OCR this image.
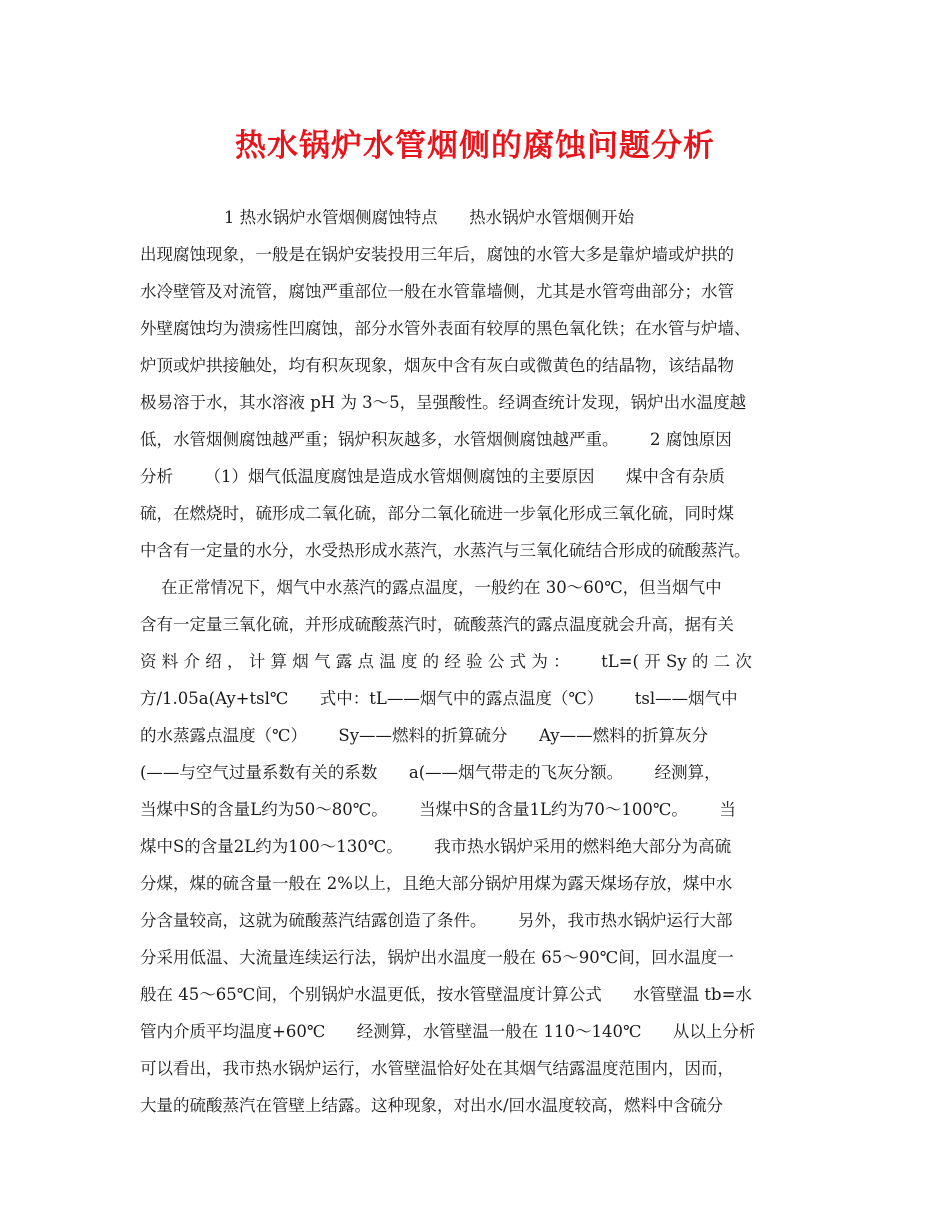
热水锅炉水管烟侧的腐蚀问题分析
1 热水锅炉水管烟侧腐蚀特点      热水锅炉水管烟侧开始
出现腐蚀现象，一般是在锅炉安装投用三年后，腐蚀的水管大多是靠炉墙或炉拱的
水冷壁管及对流管，腐蚀严重部位一般在水管靠墙侧，尤其是水管弯曲部分；水管
外壁腐蚀均为溃疡性凹腐蚀，部分水管外表面有较厚的黑色氧化铁；在水管与炉墙、
炉顶或炉拱接触处，均有积灰现象，烟灰中含有灰白或微黄色的结晶物，该结晶物
极易溶于水，其水溶液 pH 为 3～5，呈强酸性。经调查统计发现，锅炉出水温度越
低，水管烟侧腐蚀越严重；锅炉积灰越多，水管烟侧腐蚀越严重。      2 腐蚀原因
分析      （1）烟气低温度腐蚀是造成水管烟侧腐蚀的主要原因      煤中含有杂质
硫，在燃烧时，硫形成二氧化硫，部分二氧化硫进一步氧化形成三氧化硫，同时煤
中含有一定量的水分，水受热形成水蒸汽，水蒸汽与三氧化硫结合形成的硫酸蒸汽。
在正常情况下，烟气中水蒸汽的露点温度，一般约在 30～60℃，但当烟气中
含有一定量三氧化硫，并形成硫酸蒸汽时，硫酸蒸汽的露点温度就会升高，据有关
资 料 介 绍 ， 计 算 烟 气 露 点 温 度 的 经 验 公 式 为 ：      tL=( 开 Sy 的 二 次
方/1.05a(Ay+tsl℃      式中：tL——烟气中的露点温度（℃）      tsl——烟气中
的水蒸露点温度（℃）      Sy——燃料的折算硫分      Ay——燃料的折算灰分
(——与空气过量系数有关的系数      a(——烟气带走的飞灰分额。      经测算，
当煤中S的含量L约为50～80℃。      当煤中S的含量1L约为70～100℃。      当
煤中S的含量2L约为100～130℃。      我市热水锅炉采用的燃料绝大部分为高硫
分煤，煤的硫含量一般在 2%以上，且绝大部分锅炉用煤为露天煤场存放，煤中水
分含量较高，这就为硫酸蒸汽结露创造了条件。      另外，我市热水锅炉运行大部
分采用低温、大流量连续运行法，锅炉出水温度一般在 65～90℃间，回水温度一
般在 45～65℃间，个别锅炉水温更低，按水管壁温度计算公式      水管壁温 tb=水
管内介质平均温度+60℃      经测算，水管壁温一般在 110～140℃      从以上分析
可以看出，我市热水锅炉运行，水管壁温恰好处在其烟气结露温度范围内，因而，
大量的硫酸蒸汽在管壁上结露。这种现象，对出水/回水温度较高，燃料中含硫分
